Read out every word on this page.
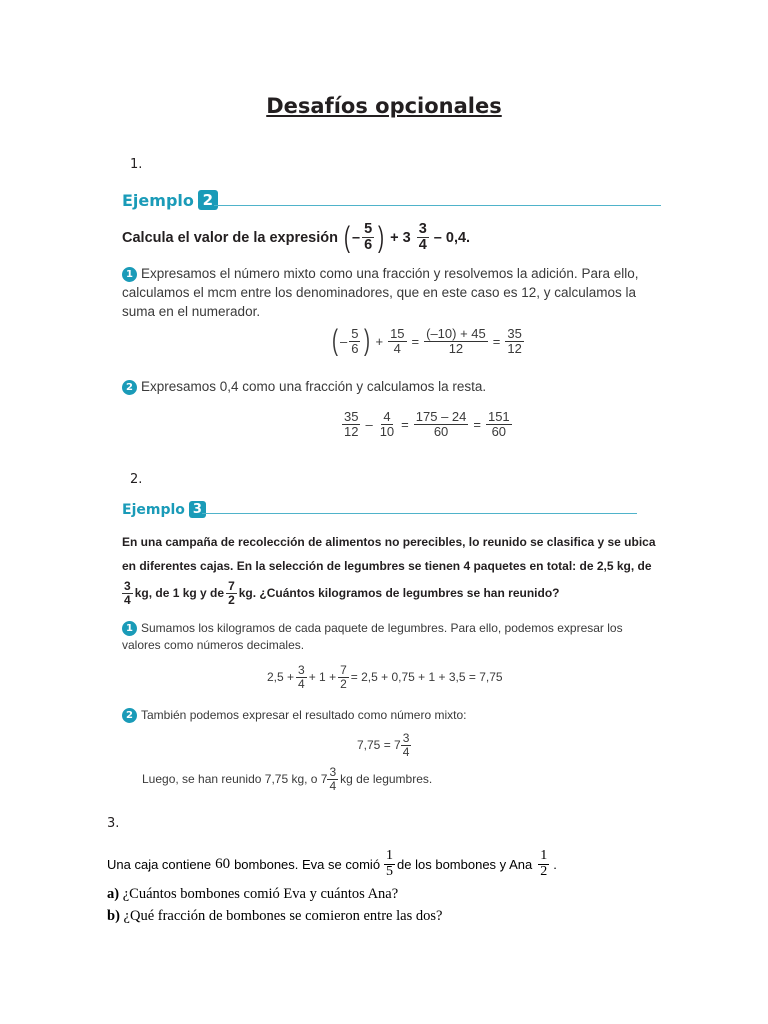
Desafíos opcionales
1.
Ejemplo 2
Calcula el valor de la expresión ( – $\frac{5}{6}$ ) + $3 \frac{3}{4} - 0,4$.
1 Expresamos el número mixto como una fracción y resolvemos la adición. Para ello, calculamos el mcm entre los denominadores, que en este caso es 12, y calculamos la suma en el numerador.
( – $\frac{5}{6}$ ) + $\frac{15}{4} = \frac{(-10) + 45}{12} = \frac{35}{12}$
2 Expresamos 0,4 como una fracción y calculamos la resta.
$\frac{35}{12} - \frac{4}{10} = \frac{175 - 24}{60} = \frac{151}{60}$
2.
Ejemplo 3
En una campaña de recolección de alimentos no perecibles, lo reunido se clasifica y se ubica
en diferentes cajas. En la selección de legumbres se tienen 4 paquetes en total: de 2,5 kg, de
$\frac{3}{4}$ kg, de 1 kg y de $\frac{7}{2}$ kg. ¿Cuántos kilogramos de legumbres se han reunido?
1 Sumamos los kilogramos de cada paquete de legumbres. Para ello, podemos expresar los valores como números decimales.
$2,5 + \frac{3}{4} + 1 + \frac{7}{2} = 2,5 + 0,75 + 1 + 3,5 = 7,75$
2 También podemos expresar el resultado como número mixto:
$7,75 = 7 \frac{3}{4}$
Luego, se han reunido 7,75 kg, o $7 \frac{3}{4}$ kg de legumbres.
3.
Una caja contiene 60 bombones. Eva se comió $\frac{1}{5}$ de los bombones y Ana $\frac{1}{2}$ .
a) ¿Cuántos bombones comió Eva y cuántos Ana?
b) ¿Qué fracción de bombones se comieron entre las dos?
